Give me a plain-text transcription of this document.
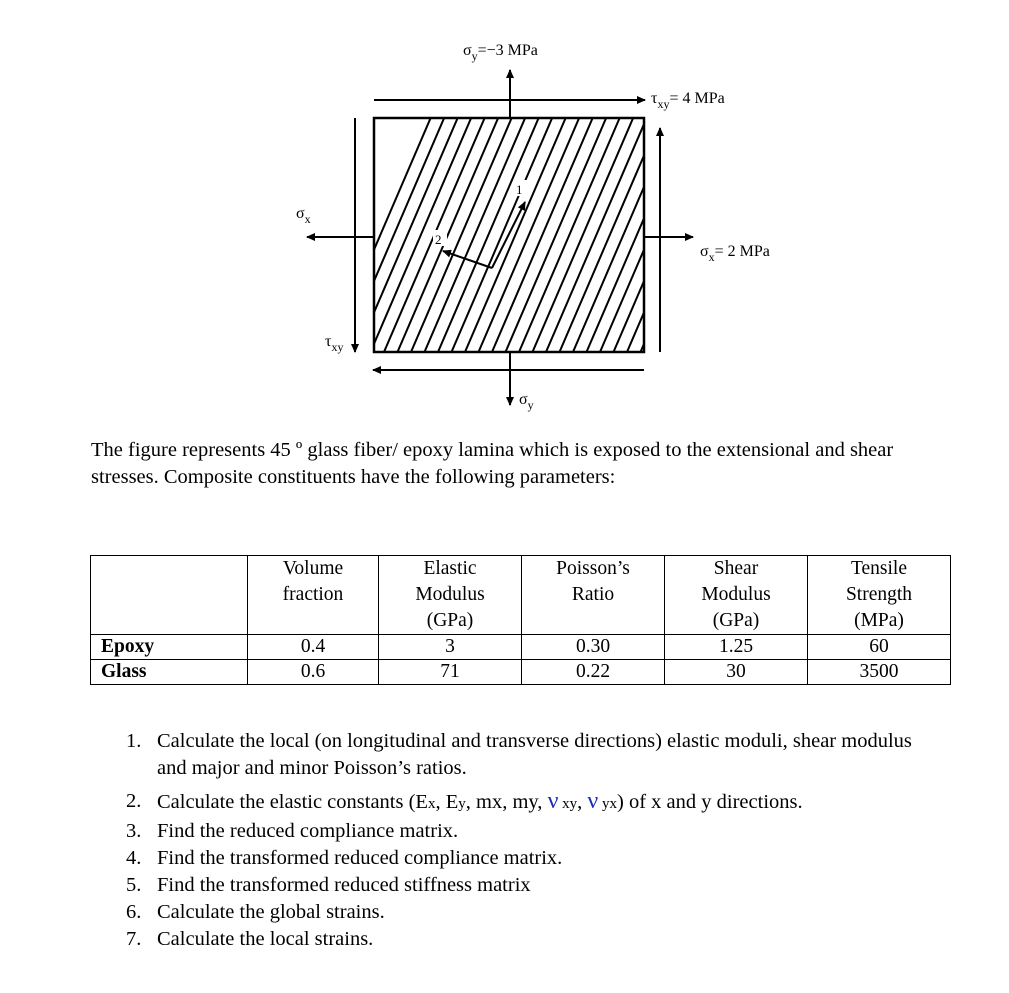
1
2
$\sigma_y=-3$ MPa
$\tau_{xy}= 4$ MPa
$\sigma_x= 2$ MPa
$\sigma_x$
$\tau_{xy}$
$\sigma_y$

The figure represents 45 º glass fiber/ epoxy lamina which is exposed to the extensional and shear stresses. Composite constituents have the following parameters:

	Volume
fraction	Elastic
Modulus
(GPa)	Poisson’s
Ratio	Shear
Modulus
(GPa)	Tensile
Strength
(MPa)

Epoxy	0.4	3	0.30	1.25	60
Glass	0.6	71	0.22	30	3500
1. Calculate the local (on longitudinal and transverse directions) elastic moduli, shear modulus and major and minor Poisson’s ratios.
2. Calculate the elastic constants (Ex, Ey, mx, my, ν xy, ν yx) of x and y directions.
3. Find the reduced compliance matrix.
4. Find the transformed reduced compliance matrix.
5. Find the transformed reduced stiffness matrix
6. Calculate the global strains.
7. Calculate the local strains.
